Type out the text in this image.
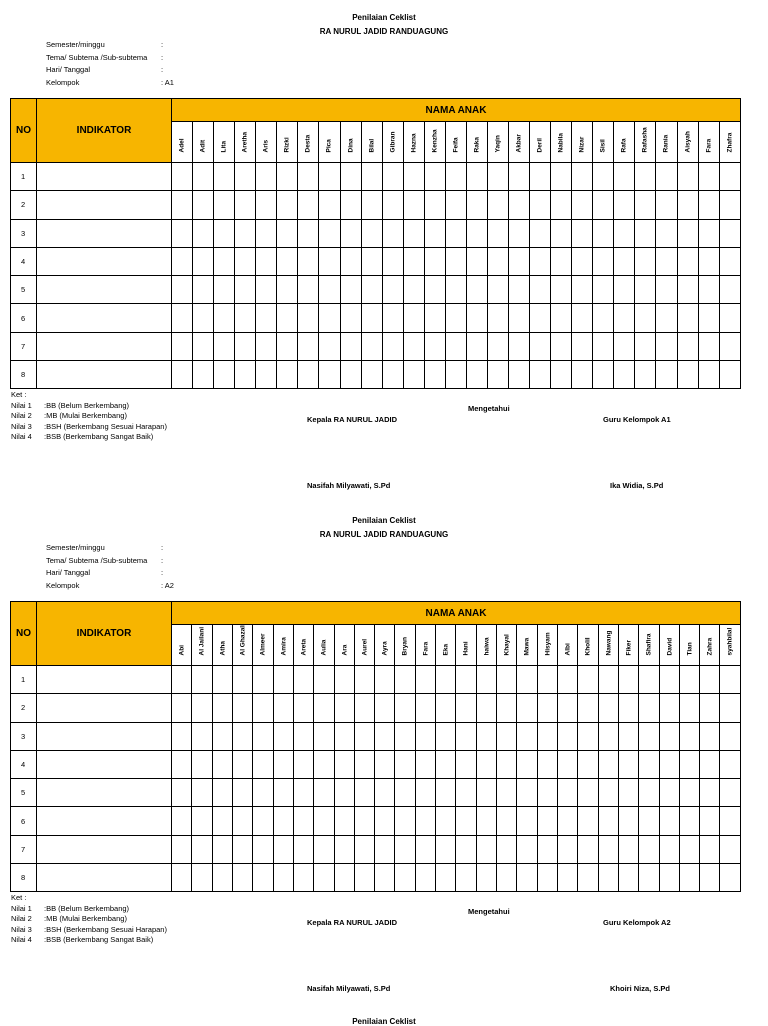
Penilaian Ceklist
RA NURUL JADID RANDUAGUNG
Semester/minggu	:
Tema/ Subtema /Sub-subtema	:
Hari/ Tanggal	:
Kelompok	: A1
NO	INDIKATOR	NAMA ANAK																										

		Adel	Adit	Lita	Aretha	Aris	Rizki	Desta	Pica	Dina	Bilal	Gibran	Hazna	Kenzha	Feifa	Raka	Yaqin	Akbar	Deril	Nabila	Nizar	Sisil	Rafa	Rafasha	Rania	Aisyah	Fara	Zhafra

1																												
2																												
3																												
4																												
5																												
6																												
7																												
8																												
Ket :
Nilai 1	:BB (Belum Berkembang)
Nilai 2	:MB (Mulai Berkembang)
Nilai 3	:BSH (Berkembang Sesuai Harapan)
Nilai 4	:BSB (Berkembang Sangat Baik)
Mengetahui
Kepala RA NURUL JADID	Guru Kelompok A1
Nasifah Milyawati, S.Pd	Ika Widia, S.Pd
Penilaian Ceklist
RA NURUL JADID RANDUAGUNG
Semester/minggu	:
Tema/ Subtema /Sub-subtema	:
Hari/ Tanggal	:
Kelompok	: A2
NO	INDIKATOR	NAMA ANAK																											

		Abi	Al Jailani	Atha	Al Ghazali	Almeer	Amira	Areta	Aulia	Ara	Aurel	Ayra	Bryan	Fara	Eka	Hani	haiwa	Khayal	Mawa	Hisyam	Albi	Kholil	Nawang	Fiker	Shafira	David	Tian	Zahra	syahbilal

1																													
2																													
3																													
4																													
5																													
6																													
7																													
8																													
Ket :
Nilai 1	:BB (Belum Berkembang)
Nilai 2	:MB (Mulai Berkembang)
Nilai 3	:BSH (Berkembang Sesuai Harapan)
Nilai 4	:BSB (Berkembang Sangat Baik)
Mengetahui
Kepala RA NURUL JADID	Guru Kelompok A2
Nasifah Milyawati, S.Pd	Khoiri Niza, S.Pd
Penilaian Ceklist
